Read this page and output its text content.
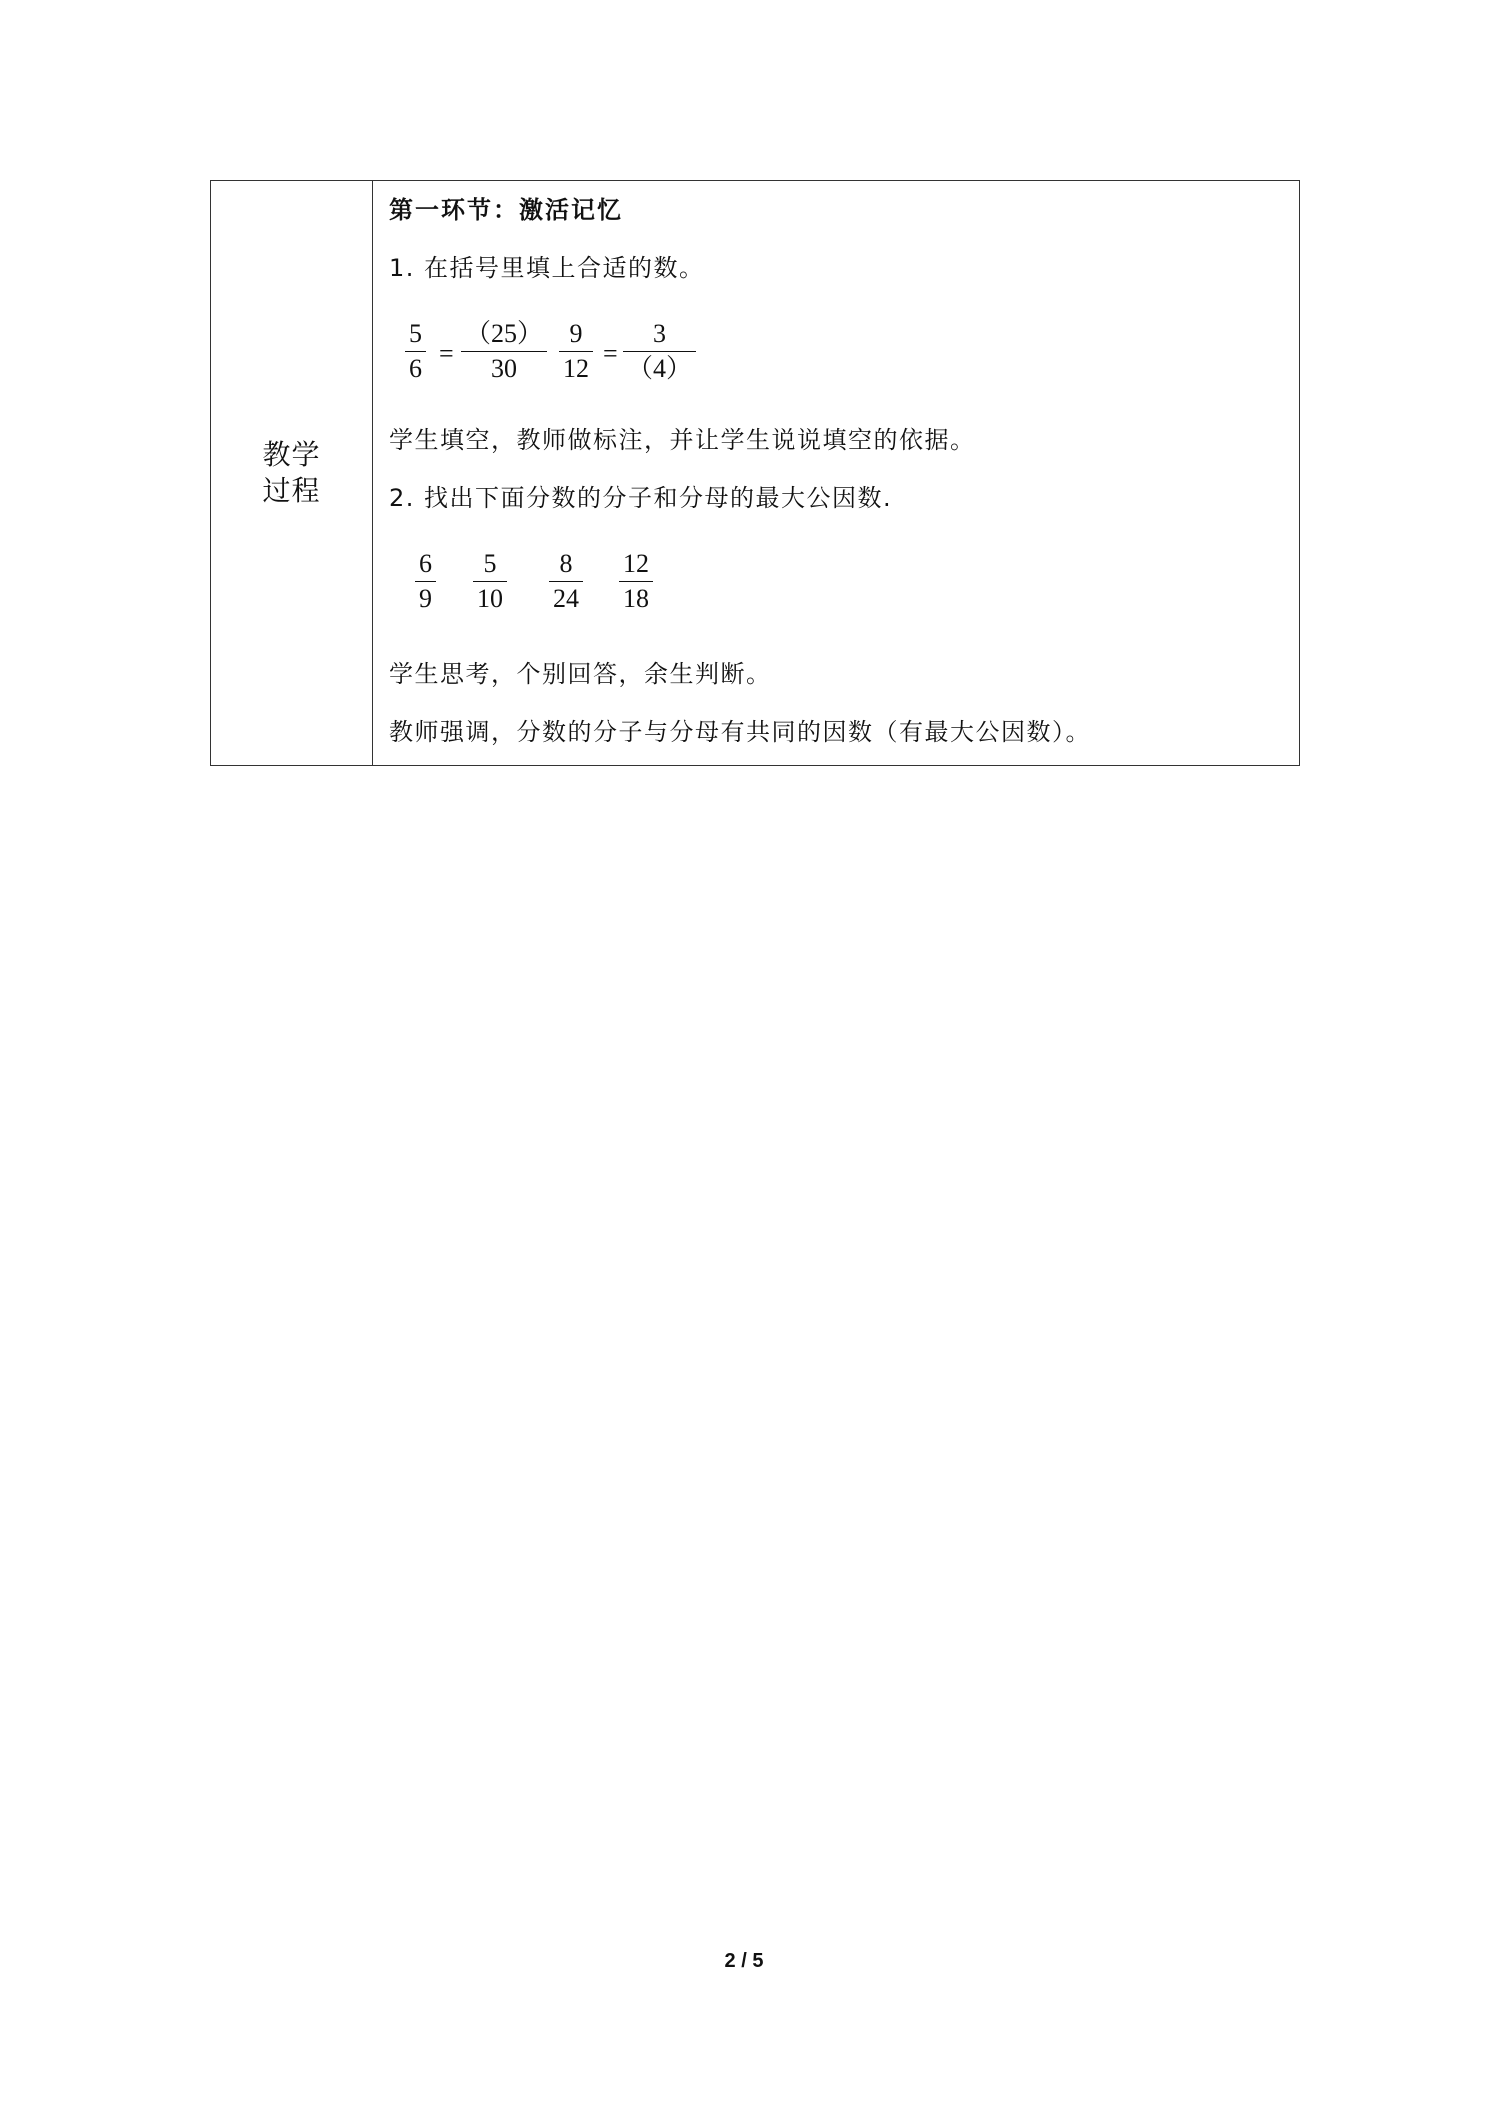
教学过程
第一环节：激活记忆
1. 在括号里填上合适的数。
5
6
=
（25）
30
9
12
=
3
（4）
学生填空，教师做标注，并让学生说说填空的依据。
2. 找出下面分数的分子和分母的最大公因数.
6
9
5
10
8
24
12
18
学生思考，个别回答，余生判断。
教师强调，分数的分子与分母有共同的因数（有最大公因数）。
2 / 5
